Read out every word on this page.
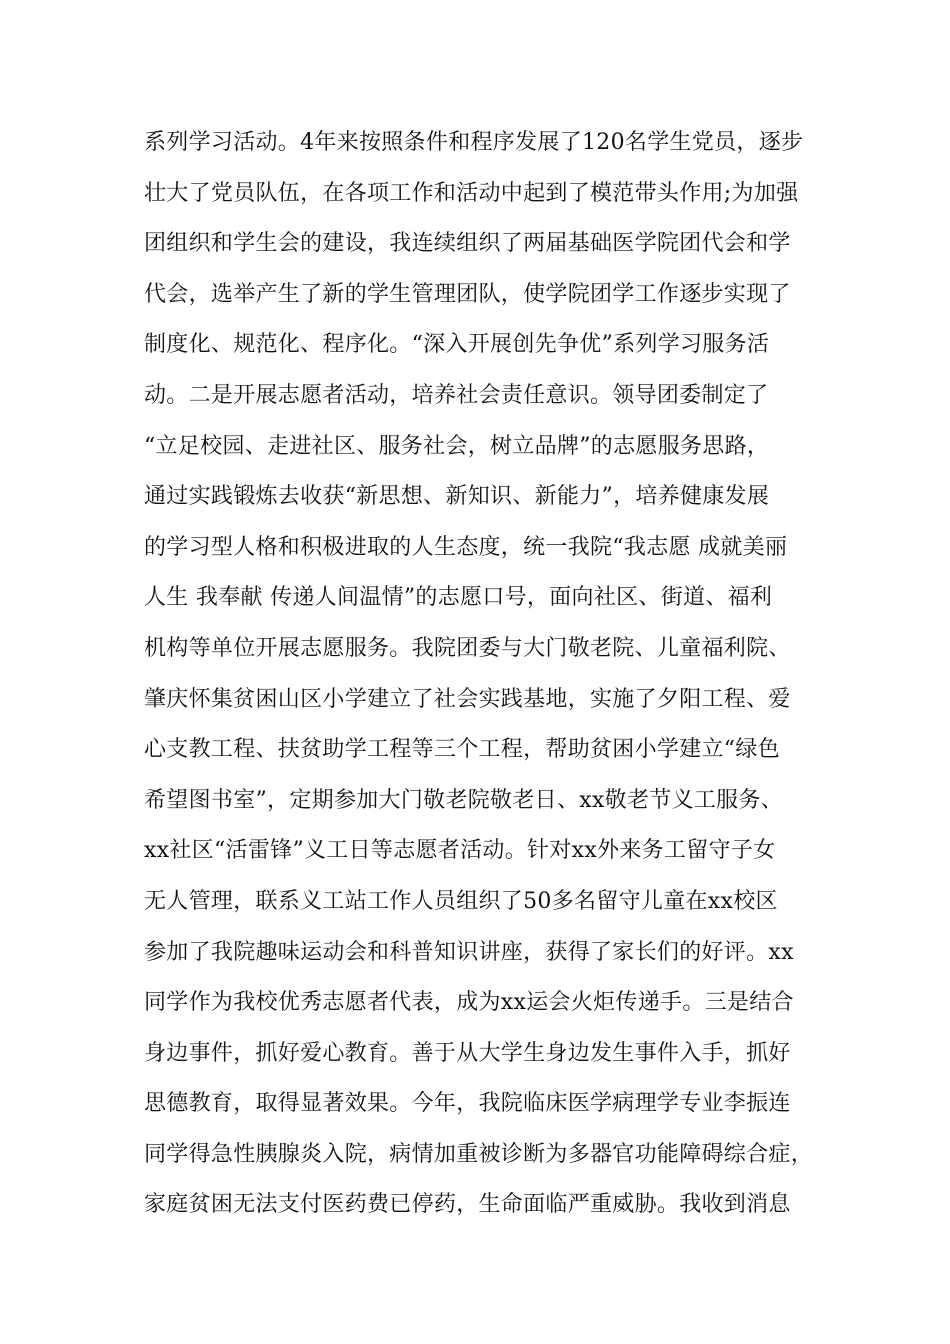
系列学习活动。4年来按照条件和程序发展了120名学生党员，逐步
壮大了党员队伍，在各项工作和活动中起到了模范带头作用;为加强
团组织和学生会的建设，我连续组织了两届基础医学院团代会和学
代会，选举产生了新的学生管理团队，使学院团学工作逐步实现了
制度化、规范化、程序化。“深入开展创先争优”系列学习服务活
动。二是开展志愿者活动，培养社会责任意识。领导团委制定了
“立足校园、走进社区、服务社会，树立品牌”的志愿服务思路，
通过实践锻炼去收获“新思想、新知识、新能力”，培养健康发展
的学习型人格和积极进取的人生态度，统一我院“我志愿 成就美丽
人生 我奉献 传递人间温情”的志愿口号，面向社区、街道、福利
机构等单位开展志愿服务。我院团委与大门敬老院、儿童福利院、
肇庆怀集贫困山区小学建立了社会实践基地，实施了夕阳工程、爱
心支教工程、扶贫助学工程等三个工程，帮助贫困小学建立“绿色
希望图书室”，定期参加大门敬老院敬老日、xx敬老节义工服务、
xx社区“活雷锋”义工日等志愿者活动。针对xx外来务工留守子女
无人管理，联系义工站工作人员组织了50多名留守儿童在xx校区
参加了我院趣味运动会和科普知识讲座，获得了家长们的好评。xx
同学作为我校优秀志愿者代表，成为xx运会火炬传递手。三是结合
身边事件，抓好爱心教育。善于从大学生身边发生事件入手，抓好
思德教育，取得显著效果。今年，我院临床医学病理学专业李振连
同学得急性胰腺炎入院，病情加重被诊断为多器官功能障碍综合症，
家庭贫困无法支付医药费已停药，生命面临严重威胁。我收到消息
